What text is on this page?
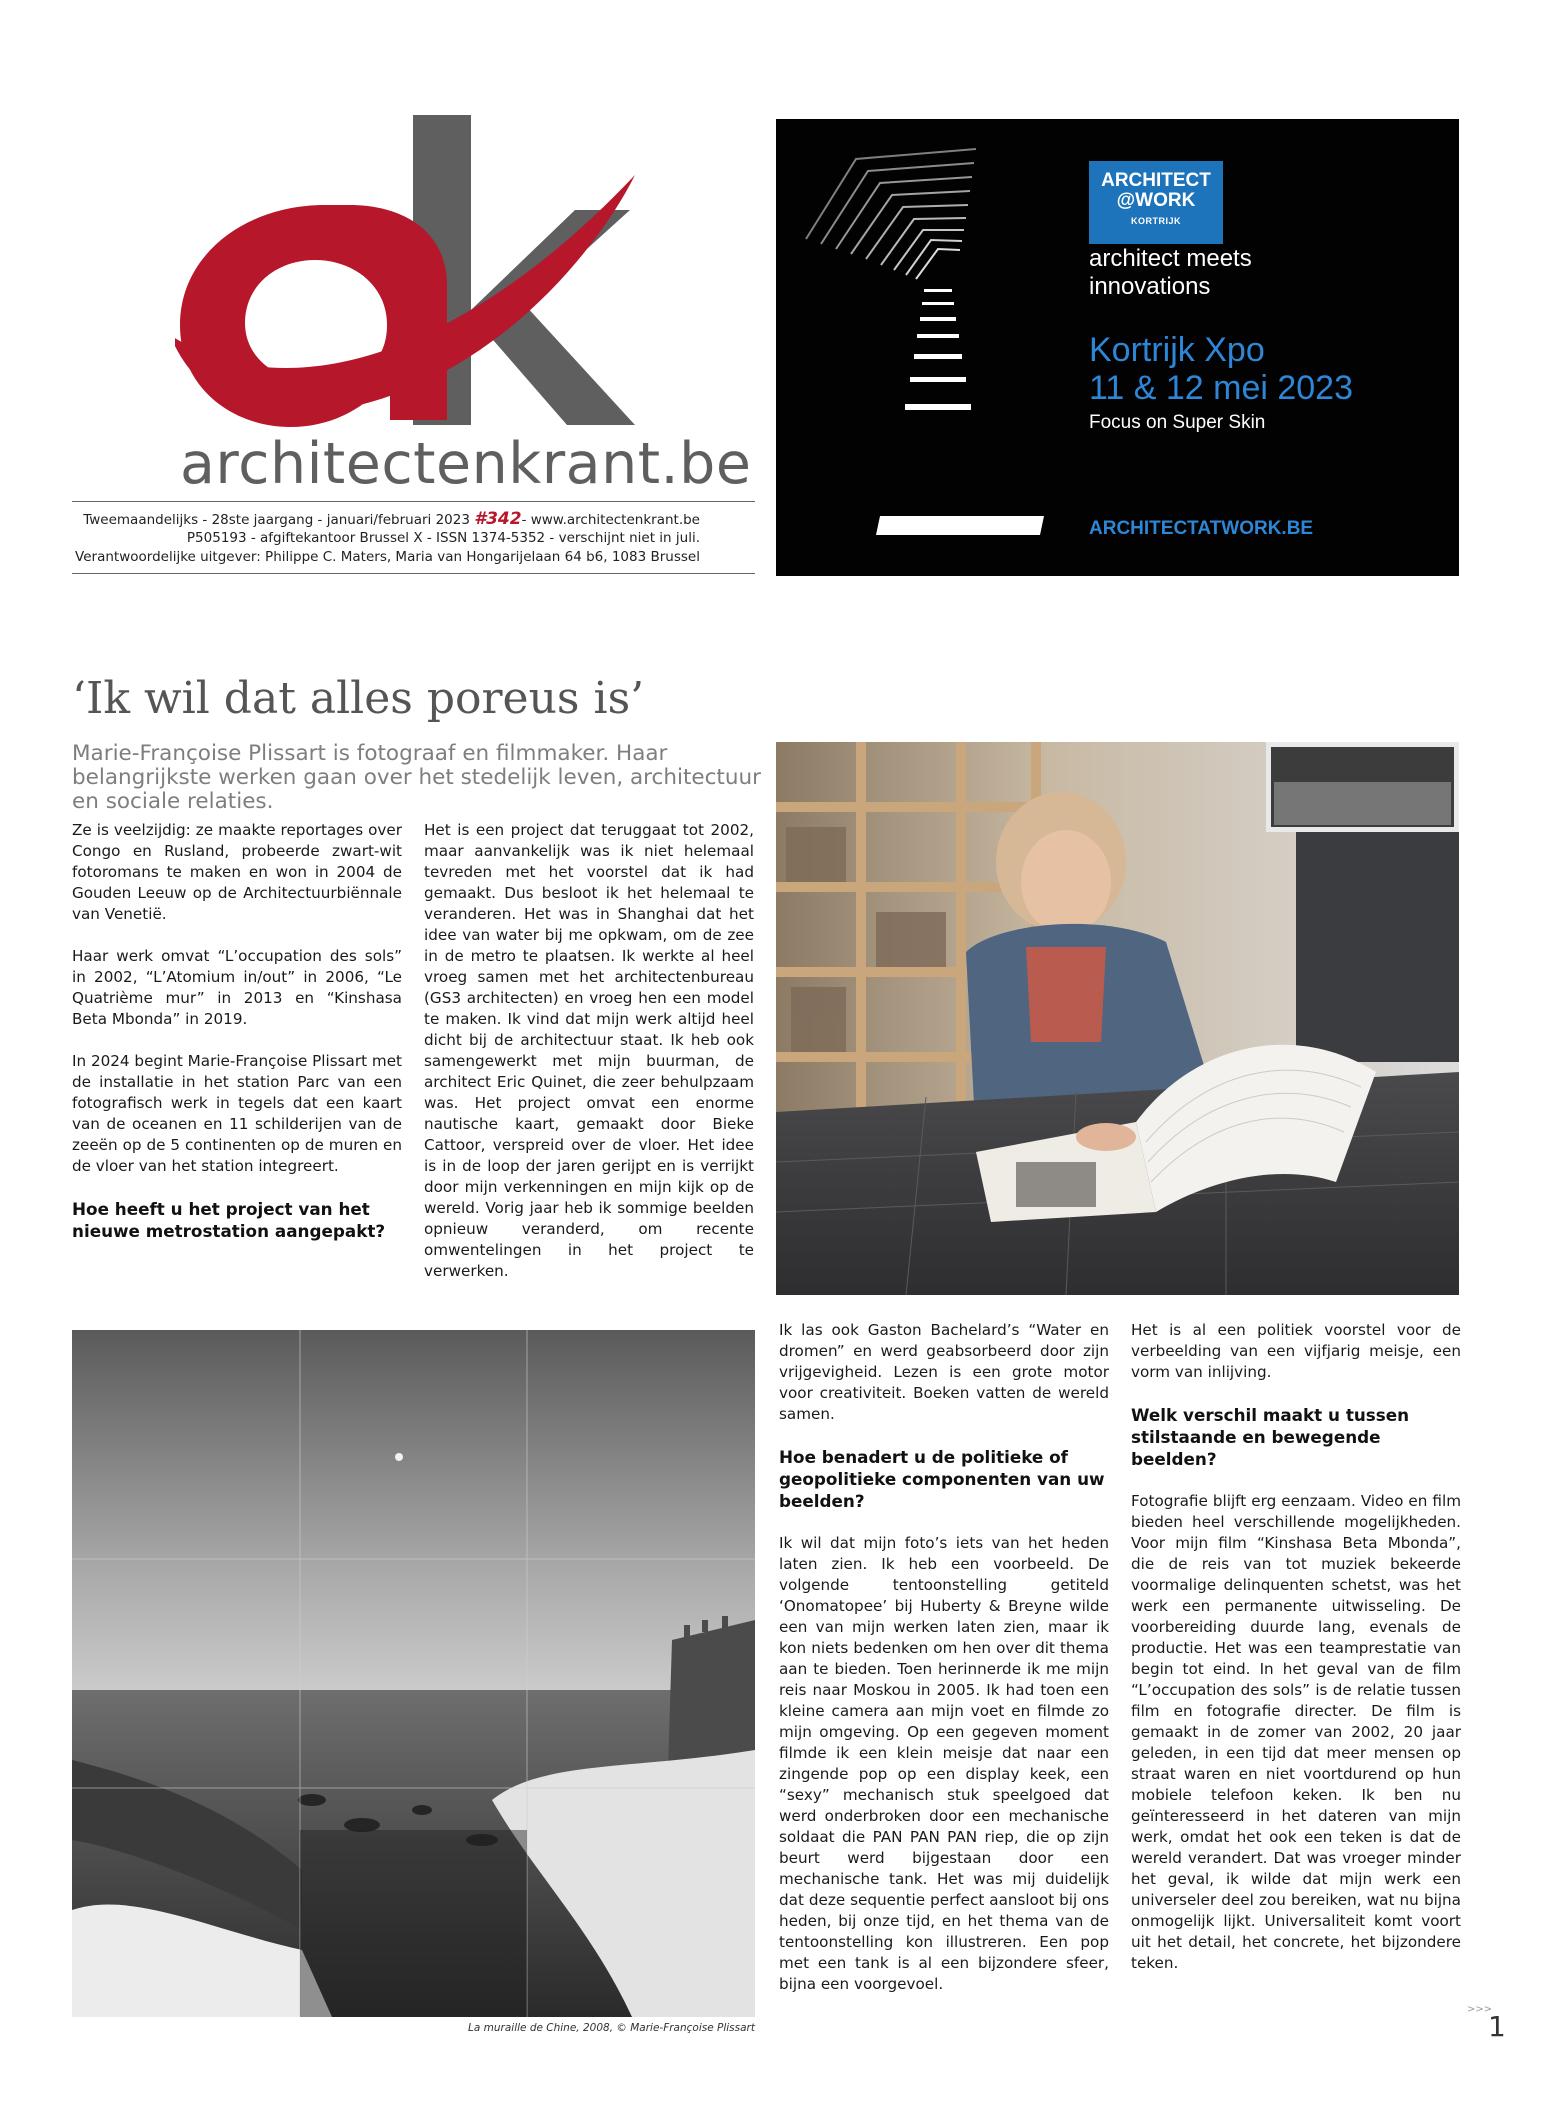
architectenkrant.be
Tweemaandelijks - 28ste jaargang - januari/februari 2023 #342- www.architectenkrant.be
P505193 - afgiftekantoor Brussel X - ISSN 1374-5352 - verschijnt niet in juli.
Verantwoordelijke uitgever: Philippe C. Maters, Maria van Hongarijelaan 64 b6, 1083 Brussel
ARCHITECT
@WORK
KORTRIJK
architect meets
innovations
Kortrijk Xpo
11 & 12 mei 2023
Focus on Super Skin
ARCHITECTATWORK.BE
‘Ik wil dat alles poreus is’
Marie-Françoise Plissart is fotograaf en filmmaker. Haar belangrijkste werken gaan over het stedelijk leven, architectuur en sociale relaties.

Ze is veelzijdig: ze maakte reportages over Congo en Rusland, probeerde zwart-wit fotoromans te maken en won in 2004 de Gouden Leeuw op de Architectuurbiënnale van Venetië.

Haar werk omvat “L’occupation des sols” in 2002, “L’Atomium in/out” in 2006, “Le Quatrième mur” in 2013 en “Kinshasa Beta Mbonda” in 2019.

In 2024 begint Marie-Françoise Plissart met de installatie in het station Parc van een fotografisch werk in tegels dat een kaart van de oceanen en 11 schilderijen van de zeeën op de 5 continenten op de muren en de vloer van het station integreert.

Hoe heeft u het project van het nieuwe metrostation aangepakt?

Het is een project dat teruggaat tot 2002, maar aanvankelijk was ik niet helemaal tevreden met het voorstel dat ik had gemaakt. Dus besloot ik het helemaal te veranderen. Het was in Shanghai dat het idee van water bij me opkwam, om de zee in de metro te plaatsen. Ik werkte al heel vroeg samen met het architectenbureau (GS3 architecten) en vroeg hen een model te maken. Ik vind dat mijn werk altijd heel dicht bij de architectuur staat. Ik heb ook samengewerkt met mijn buurman, de architect Eric Quinet, die zeer behulpzaam was. Het project omvat een enorme nautische kaart, gemaakt door Bieke Cattoor, verspreid over de vloer. Het idee is in de loop der jaren gerijpt en is verrijkt door mijn verkenningen en mijn kijk op de wereld. Vorig jaar heb ik sommige beelden opnieuw veranderd, om recente omwentelingen in het project te verwerken.

La muraille de Chine, 2008, © Marie-Françoise Plissart

Ik las ook Gaston Bachelard’s “Water en dromen” en werd geabsorbeerd door zijn vrijgevigheid. Lezen is een grote motor voor creativiteit. Boeken vatten de wereld samen.

Hoe benadert u de politieke of geopolitieke componenten van uw beelden?

Ik wil dat mijn foto’s iets van het heden laten zien. Ik heb een voorbeeld. De volgende tentoonstelling getiteld ‘Onomatopee’ bij Huberty & Breyne wilde een van mijn werken laten zien, maar ik kon niets bedenken om hen over dit thema aan te bieden. Toen herinnerde ik me mijn reis naar Moskou in 2005. Ik had toen een kleine camera aan mijn voet en filmde zo mijn omgeving. Op een gegeven moment filmde ik een klein meisje dat naar een zingende pop op een display keek, een “sexy” mechanisch stuk speelgoed dat werd onderbroken door een mechanische soldaat die PAN PAN PAN riep, die op zijn beurt werd bijgestaan door een mechanische tank. Het was mij duidelijk dat deze sequentie perfect aansloot bij ons heden, bij onze tijd, en het thema van de tentoonstelling kon illustreren. Een pop met een tank is al een bijzondere sfeer, bijna een voorgevoel.

Het is al een politiek voorstel voor de verbeelding van een vijfjarig meisje, een vorm van inlijving.

Welk verschil maakt u tussen stilstaande en bewegende beelden?

Fotografie blijft erg eenzaam. Video en film bieden heel verschillende mogelijkheden. Voor mijn film “Kinshasa Beta Mbonda”, die de reis van tot muziek bekeerde voormalige delinquenten schetst, was het werk een permanente uitwisseling. De voorbereiding duurde lang, evenals de productie. Het was een teamprestatie van begin tot eind. In het geval van de film “L’occupation des sols” is de relatie tussen film en fotografie directer. De film is gemaakt in de zomer van 2002, 20 jaar geleden, in een tijd dat meer mensen op straat waren en niet voortdurend op hun mobiele telefoon keken. Ik ben nu geïnteresseerd in het dateren van mijn werk, omdat het ook een teken is dat de wereld verandert. Dat was vroeger minder het geval, ik wilde dat mijn werk een universeler deel zou bereiken, wat nu bijna onmogelijk lijkt. Universaliteit komt voort uit het detail, het concrete, het bijzondere teken.

>>>
1
